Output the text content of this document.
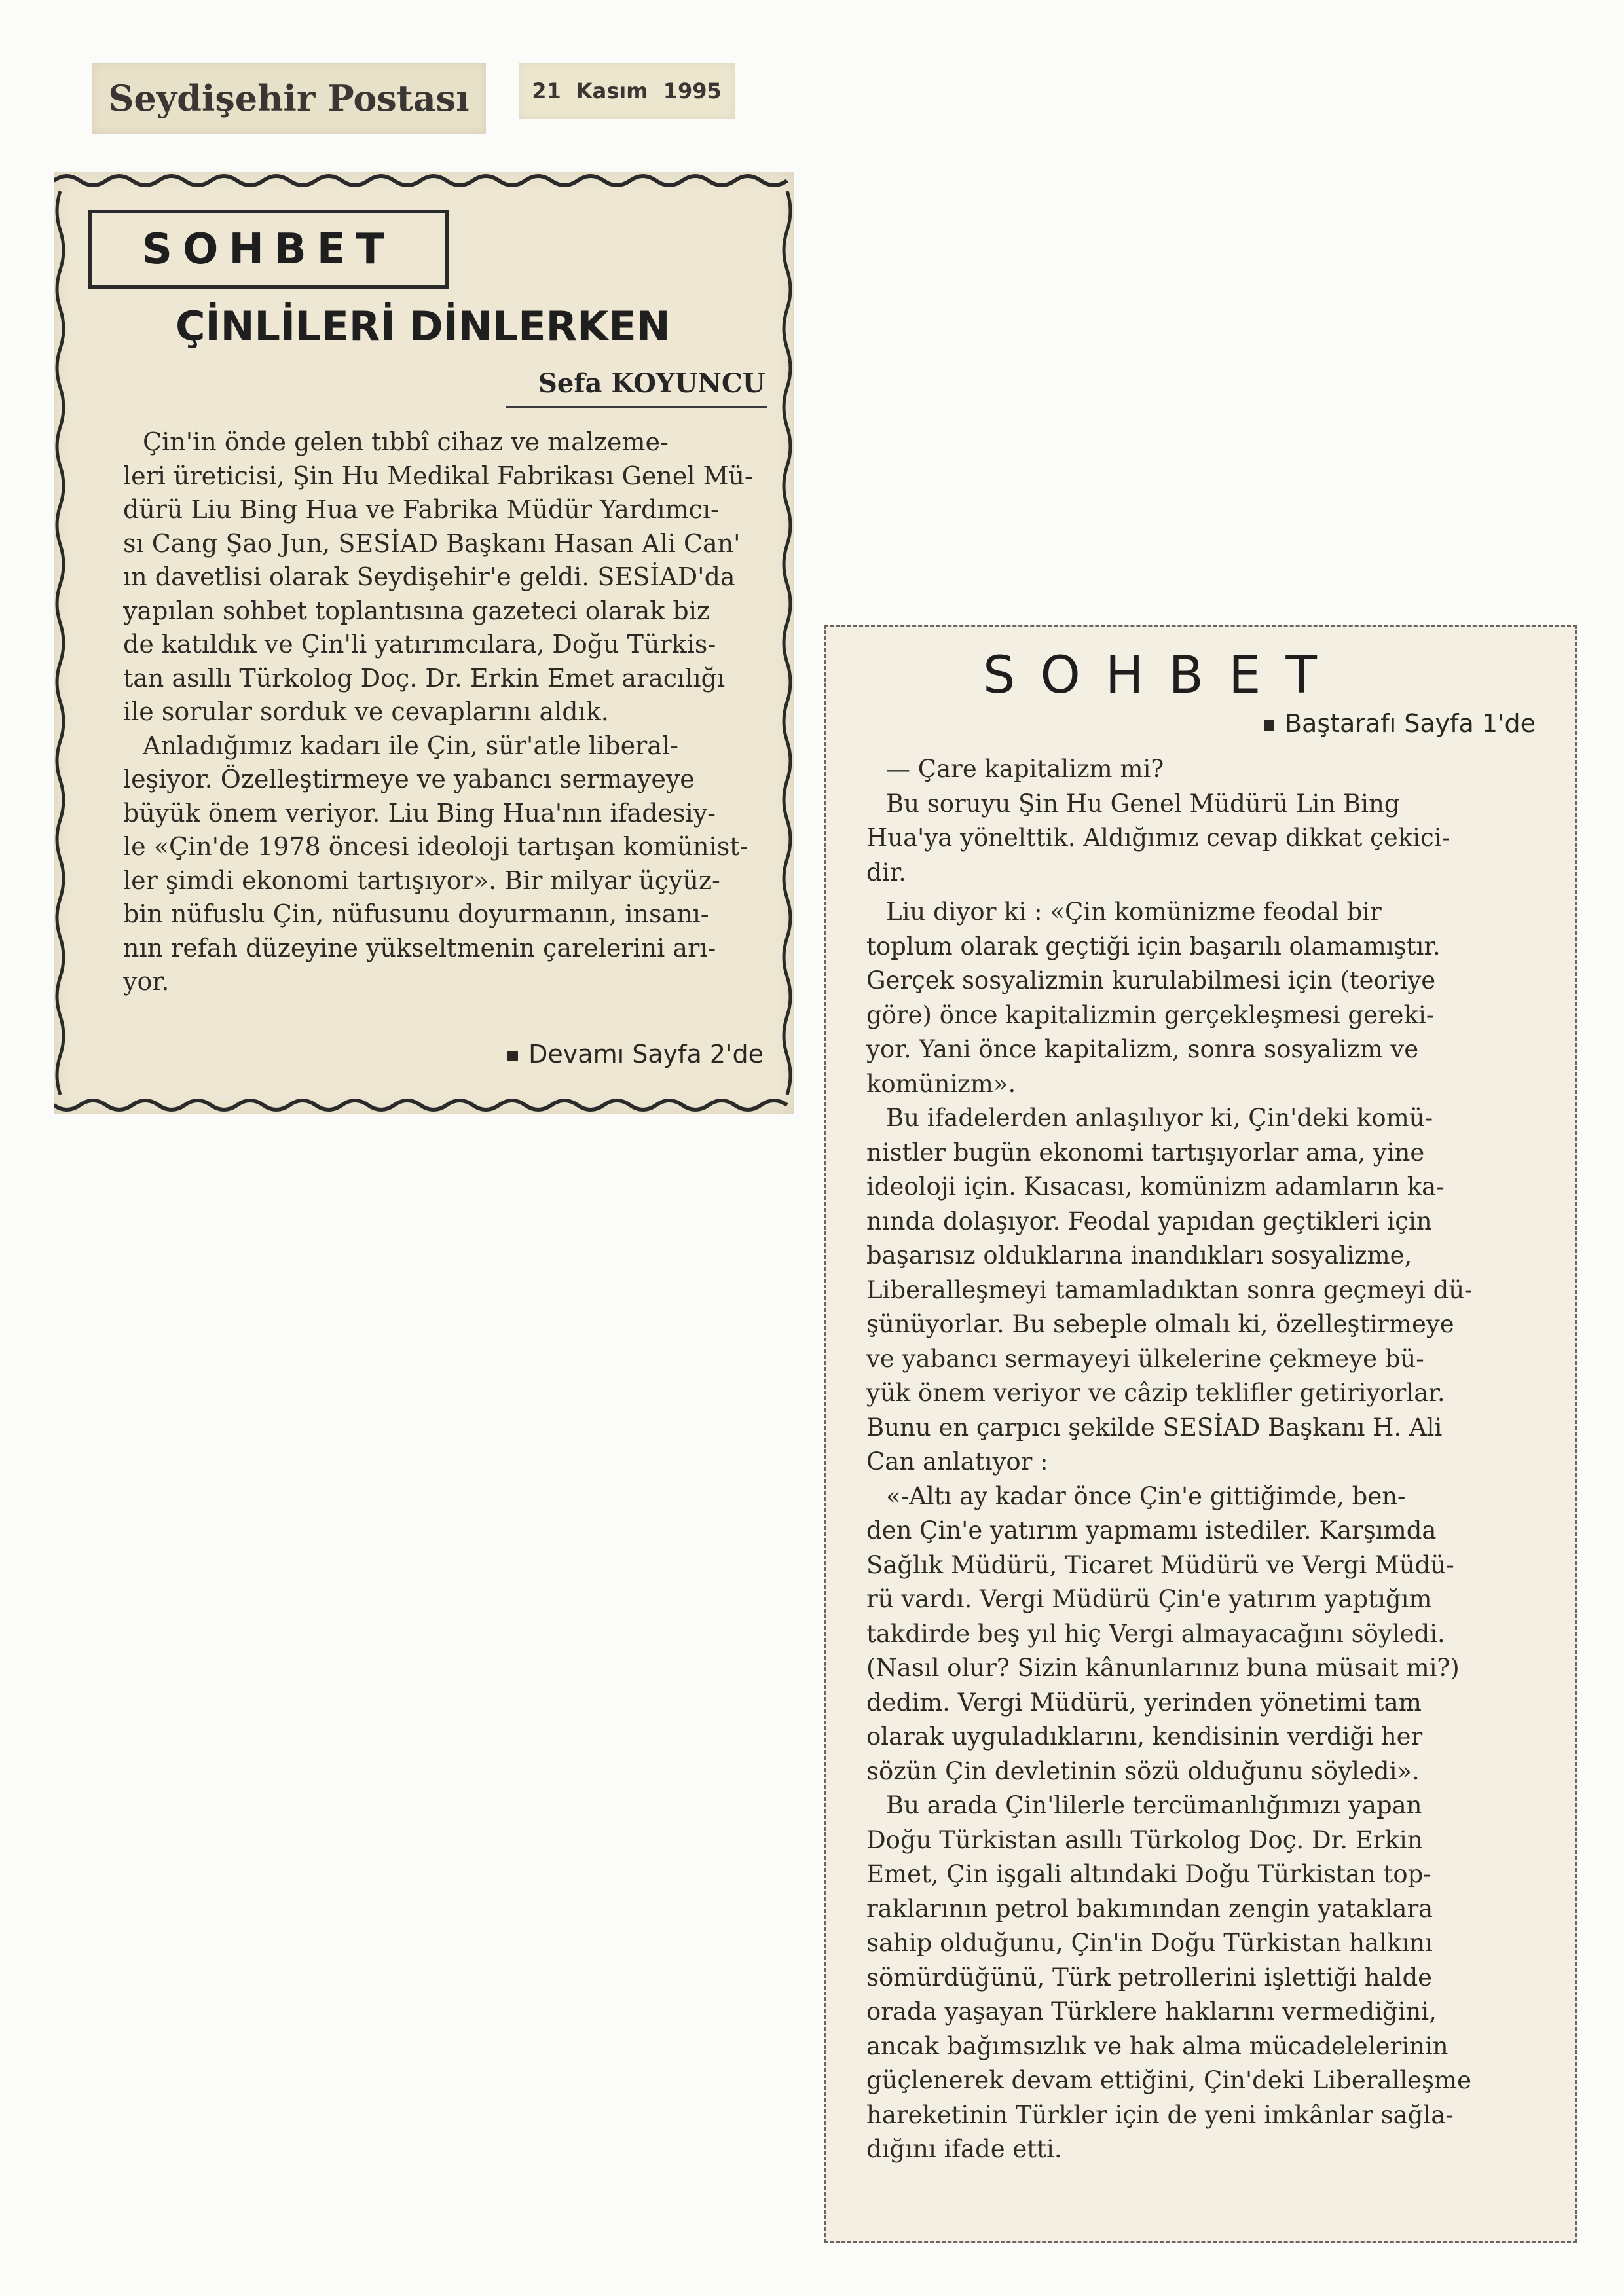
Seydişehir Postası	21 Kasım 1995
SOHBET
ÇİNLİLERİ DİNLERKEN
Sefa KOYUNCU
Çin'in önde gelen tıbbî cihaz ve malzeme-
leri üreticisi, Şin Hu Medikal Fabrikası Genel Mü-
dürü Liu Bing Hua ve Fabrika Müdür Yardımcı-
sı Cang Şao Jun, SESİAD Başkanı Hasan Ali Can'
ın davetlisi olarak Seydişehir'e geldi. SESİAD'da
yapılan sohbet toplantısına gazeteci olarak biz
de katıldık ve Çin'li yatırımcılara, Doğu Türkis-
tan asıllı Türkolog Doç. Dr. Erkin Emet aracılığı
ile sorular sorduk ve cevaplarını aldık.
Anladığımız kadarı ile Çin, sür'atle liberal-
leşiyor. Özelleştirmeye ve yabancı sermayeye
büyük önem veriyor. Liu Bing Hua'nın ifadesiy-
le «Çin'de 1978 öncesi ideoloji tartışan komünist-
ler şimdi ekonomi tartışıyor». Bir milyar üçyüz-
bin nüfuslu Çin, nüfusunu doyurmanın, insanı-
nın refah düzeyine yükseltmenin çarelerini arı-
yor.
Devamı Sayfa 2'de
SOHBET
Baştarafı Sayfa 1'de
— Çare kapitalizm mi?
Bu soruyu Şin Hu Genel Müdürü Lin Bing
Hua'ya yönelttik. Aldığımız cevap dikkat çekici-
dir.
Liu diyor ki : «Çin komünizme feodal bir
toplum olarak geçtiği için başarılı olamamıştır.
Gerçek sosyalizmin kurulabilmesi için (teoriye
göre) önce kapitalizmin gerçekleşmesi gereki-
yor. Yani önce kapitalizm, sonra sosyalizm ve
komünizm».
Bu ifadelerden anlaşılıyor ki, Çin'deki komü-
nistler bugün ekonomi tartışıyorlar ama, yine
ideoloji için. Kısacası, komünizm adamların ka-
nında dolaşıyor. Feodal yapıdan geçtikleri için
başarısız olduklarına inandıkları sosyalizme,
Liberalleşmeyi tamamladıktan sonra geçmeyi dü-
şünüyorlar. Bu sebeple olmalı ki, özelleştirmeye
ve yabancı sermayeyi ülkelerine çekmeye bü-
yük önem veriyor ve câzip teklifler getiriyorlar.
Bunu en çarpıcı şekilde SESİAD Başkanı H. Ali
Can anlatıyor :
«-Altı ay kadar önce Çin'e gittiğimde, ben-
den Çin'e yatırım yapmamı istediler. Karşımda
Sağlık Müdürü, Ticaret Müdürü ve Vergi Müdü-
rü vardı. Vergi Müdürü Çin'e yatırım yaptığım
takdirde beş yıl hiç Vergi almayacağını söyledi.
(Nasıl olur? Sizin kânunlarınız buna müsait mi?)
dedim. Vergi Müdürü, yerinden yönetimi tam
olarak uyguladıklarını, kendisinin verdiği her
sözün Çin devletinin sözü olduğunu söyledi».
Bu arada Çin'lilerle tercümanlığımızı yapan
Doğu Türkistan asıllı Türkolog Doç. Dr. Erkin
Emet, Çin işgali altındaki Doğu Türkistan top-
raklarının petrol bakımından zengin yataklara
sahip olduğunu, Çin'in Doğu Türkistan halkını
sömürdüğünü, Türk petrollerini işlettiği halde
orada yaşayan Türklere haklarını vermediğini,
ancak bağımsızlık ve hak alma mücadelelerinin
güçlenerek devam ettiğini, Çin'deki Liberalleşme
hareketinin Türkler için de yeni imkânlar sağla-
dığını ifade etti.
